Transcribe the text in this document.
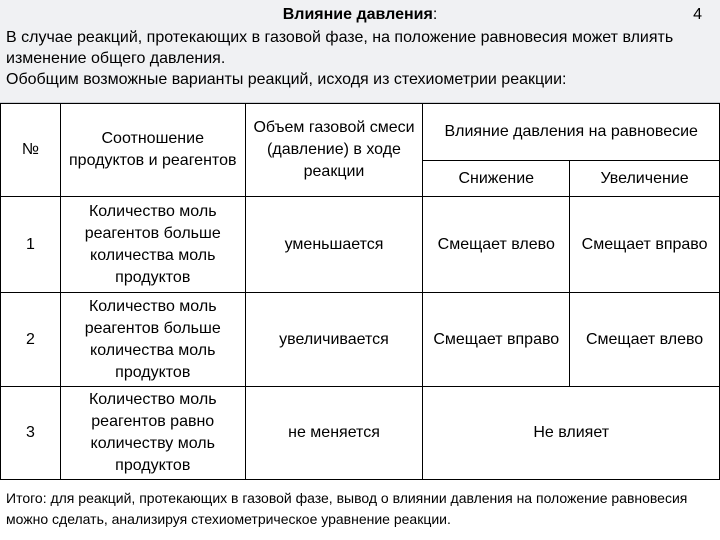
Влияние давления:	4
В случае реакций, протекающих в газовой фазе, на положение равновесия может влиять изменение общего давления.
Обобщим возможные варианты реакций, исходя из стехиометрии реакции:
№	Соотношение продуктов и реагентов	Объем газовой смеси (давление) в ходе реакции	Влияние давления на равновесие	
			Снижение	Увеличение
1	Количество моль реагентов больше количества моль продуктов	уменьшается	Смещает влево	Смещает вправо
2	Количество моль реагентов больше количества моль продуктов	увеличивается	Смещает вправо	Смещает влево
3	Количество моль реагентов равно количеству моль продуктов	не меняется	Не влияет	
Итого: для реакций, протекающих в газовой фазе, вывод о влиянии давления на положение равновесия можно сделать, анализируя стехиометрическое уравнение реакции.
